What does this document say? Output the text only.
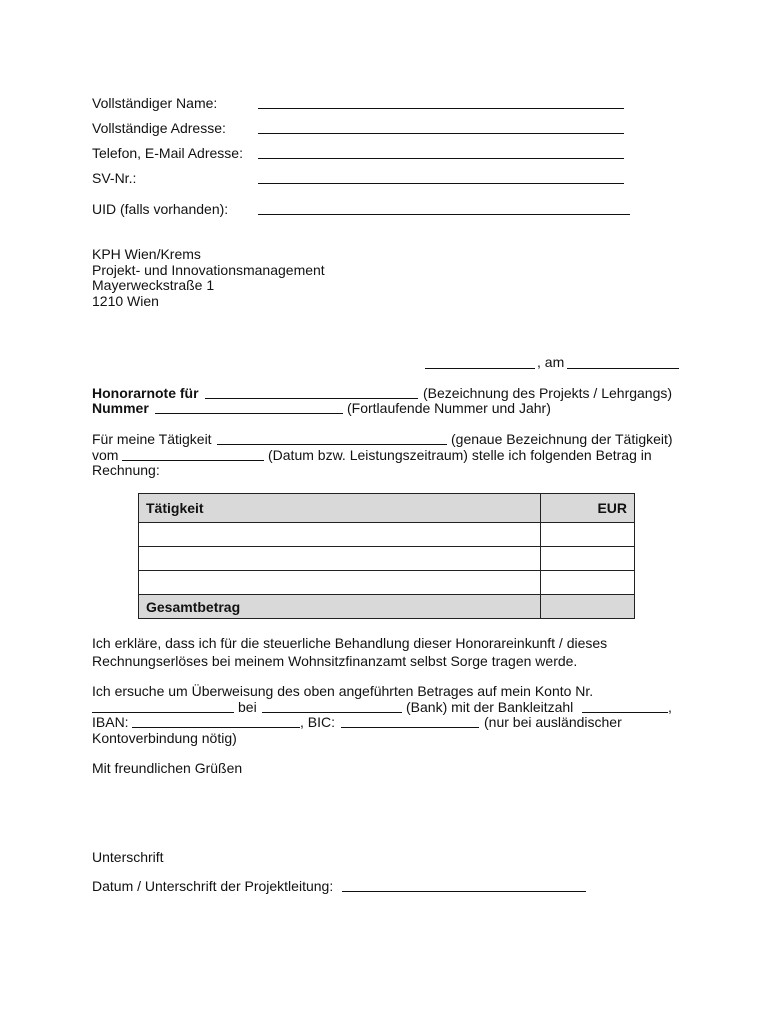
Vollständiger Name:
Vollständige Adresse:
Telefon, E-Mail Adresse:
SV-Nr.:
UID (falls vorhanden):
KPH Wien/Krems
Projekt- und Innovationsmanagement
Mayerweckstraße 1
1210 Wien
, am
Honorarnote für	(Bezeichnung des Projekts / Lehrgangs)
Nummer	(Fortlaufende Nummer und Jahr)
Für meine Tätigkeit	(genaue Bezeichnung der Tätigkeit)
vom	(Datum bzw. Leistungszeitraum) stelle ich folgenden Betrag in
Rechnung:
Tätigkeit	EUR

Gesamtbetrag	
Ich erkläre, dass ich für die steuerliche Behandlung dieser Honorareinkunft / dieses
Rechnungserlöses bei meinem Wohnsitzfinanzamt selbst Sorge tragen werde.
Ich ersuche um Überweisung des oben angeführten Betrages auf mein Konto Nr.
bei	(Bank) mit der Bankleitzahl	,
IBAN:	, BIC:	(nur bei ausländischer
Kontoverbindung nötig)
Mit freundlichen Grüßen
Unterschrift
Datum / Unterschrift der Projektleitung:
